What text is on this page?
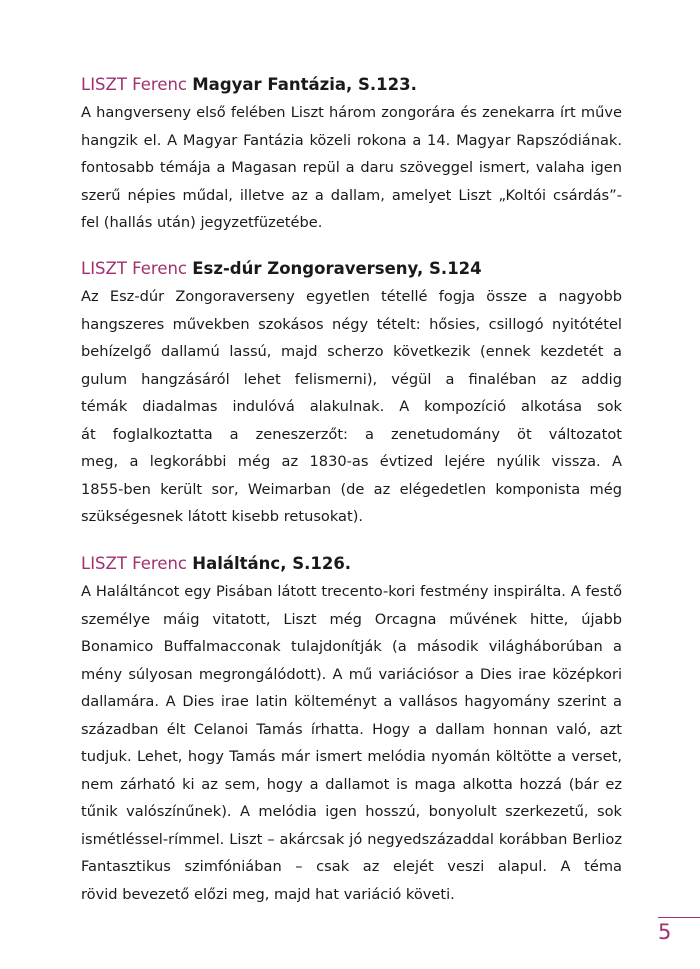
LISZT Ferenc Magyar Fantázia, S.123.
A hangverseny első felében Liszt három zongorára és zenekarra írt műve
hangzik el. A Magyar Fantázia közeli rokona a 14. Magyar Rapszódiának.
fontosabb témája a Magasan repül a daru szöveggel ismert, valaha igen
szerű népies műdal, illetve az a dallam, amelyet Liszt „Koltói csárdás”-
fel (hallás után) jegyzetfüzetébe.
LISZT Ferenc Esz-dúr Zongoraverseny, S.124
Az Esz-dúr Zongoraverseny egyetlen tétellé fogja össze a nagyobb
hangszeres művekben szokásos négy tételt: hősies, csillogó nyitótétel
behízelgő dallamú lassú, majd scherzo következik (ennek kezdetét a
gulum hangzásáról lehet felismerni), végül a finaléban az addig
témák diadalmas indulóvá alakulnak. A kompozíció alkotása sok
át foglalkoztatta a zeneszerzőt: a zenetudomány öt változatot
meg, a legkorábbi még az 1830-as évtized lejére nyúlik vissza. A
1855-ben került sor, Weimarban (de az elégedetlen komponista még
szükségesnek látott kisebb retusokat).
LISZT Ferenc Haláltánc, S.126.
A Haláltáncot egy Pisában látott trecento-kori festmény inspirálta. A festő
személye máig vitatott, Liszt még Orcagna művének hitte, újabb
Bonamico Buffalmacconak tulajdonítják (a második világháborúban a
mény súlyosan megrongálódott). A mű variációsor a Dies irae középkori
dallamára. A Dies irae latin költeményt a vallásos hagyomány szerint a
században élt Celanoi Tamás írhatta. Hogy a dallam honnan való, azt
tudjuk. Lehet, hogy Tamás már ismert melódia nyomán költötte a verset,
nem zárható ki az sem, hogy a dallamot is maga alkotta hozzá (bár ez
tűnik valószínűnek). A melódia igen hosszú, bonyolult szerkezetű, sok
ismétléssel-rímmel. Liszt – akárcsak jó negyedszázaddal korábban Berlioz
Fantasztikus szimfóniában – csak az elejét veszi alapul. A téma
rövid bevezető előzi meg, majd hat variáció követi.
5
